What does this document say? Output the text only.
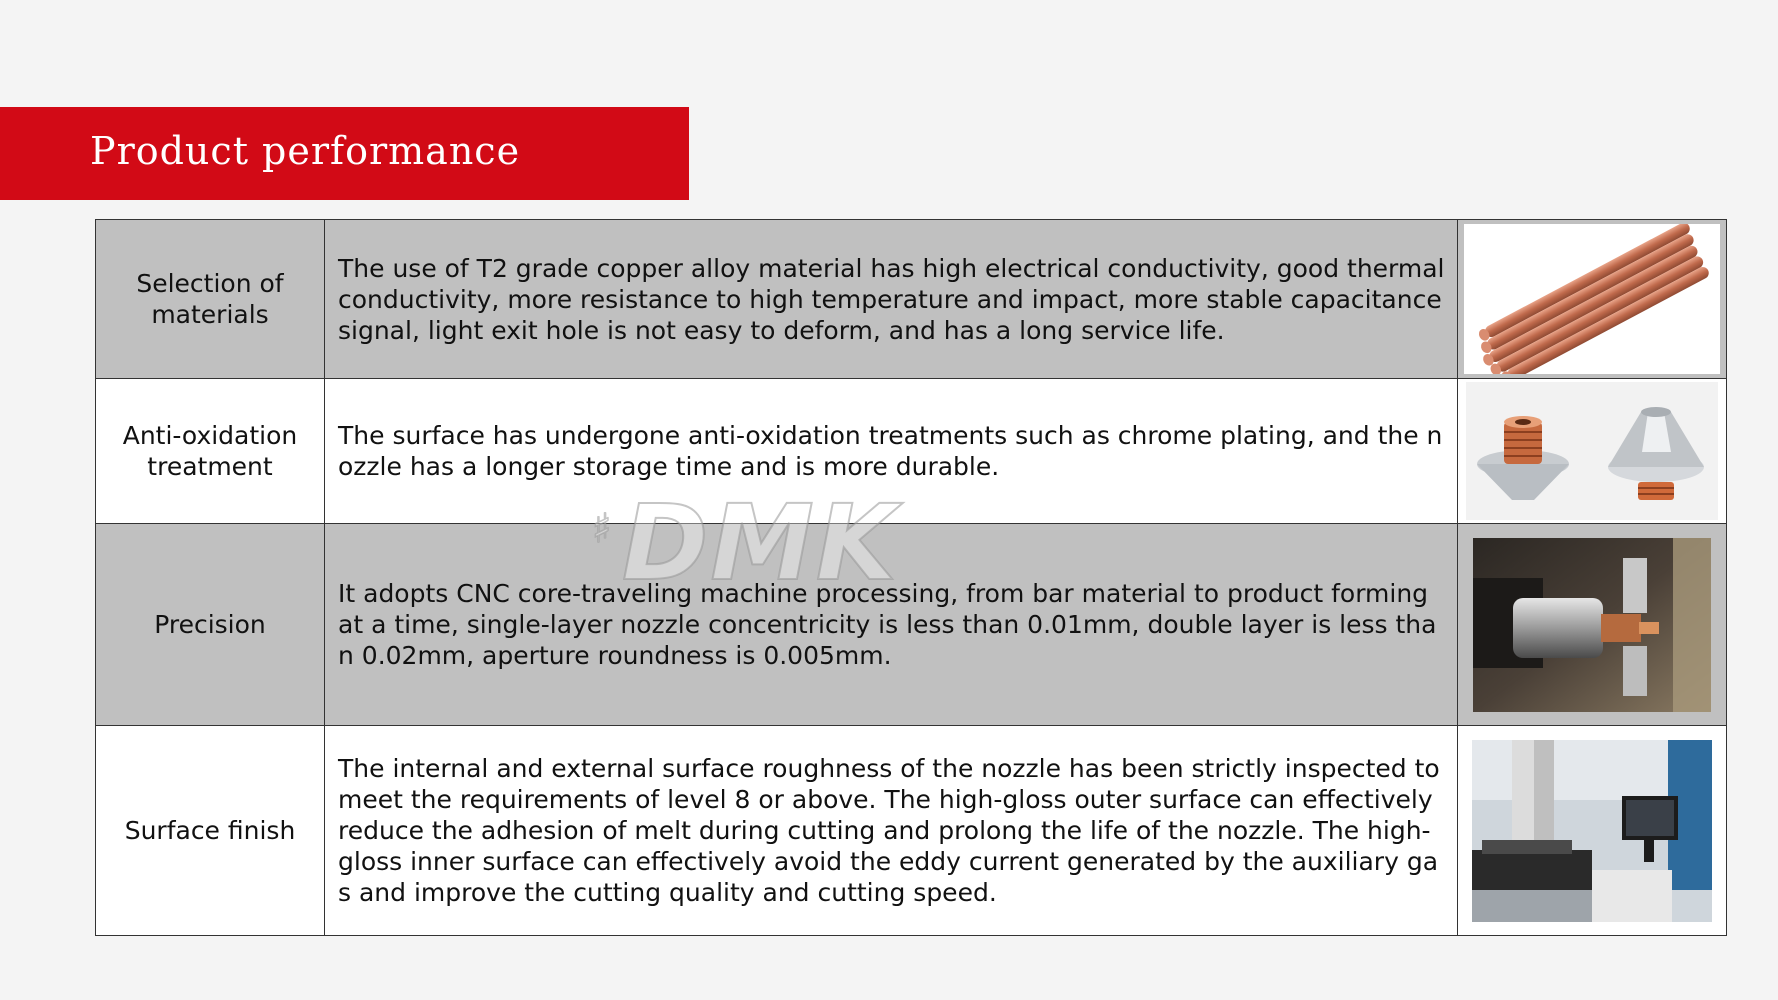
Product performance
Selection of materials	The use of T2 grade copper alloy material has high electrical conductivity, good thermal conductivity, more resistance to high temperature and impact, more stable capacitance signal, light exit hole is not easy to deform, and has a long service life.	

Anti-oxidation treatment	The surface has undergone anti-oxidation treatments such as chrome plating, and the nozzle has a longer storage time and is more durable.	

Precision	It adopts CNC core-traveling machine processing, from bar material to product forming at a time, single-layer nozzle concentricity is less than 0.01mm, double layer is less than 0.02mm, aperture roundness is 0.005mm.	

Surface finish	The internal and external surface roughness of the nozzle has been strictly inspected to meet the requirements of level 8 or above. The high-gloss outer surface can effectively reduce the adhesion of melt during cutting and prolong the life of the nozzle. The high-gloss inner surface can effectively avoid the eddy current generated by the auxiliary gas and improve the cutting quality and cutting speed.	
♯ DMK
